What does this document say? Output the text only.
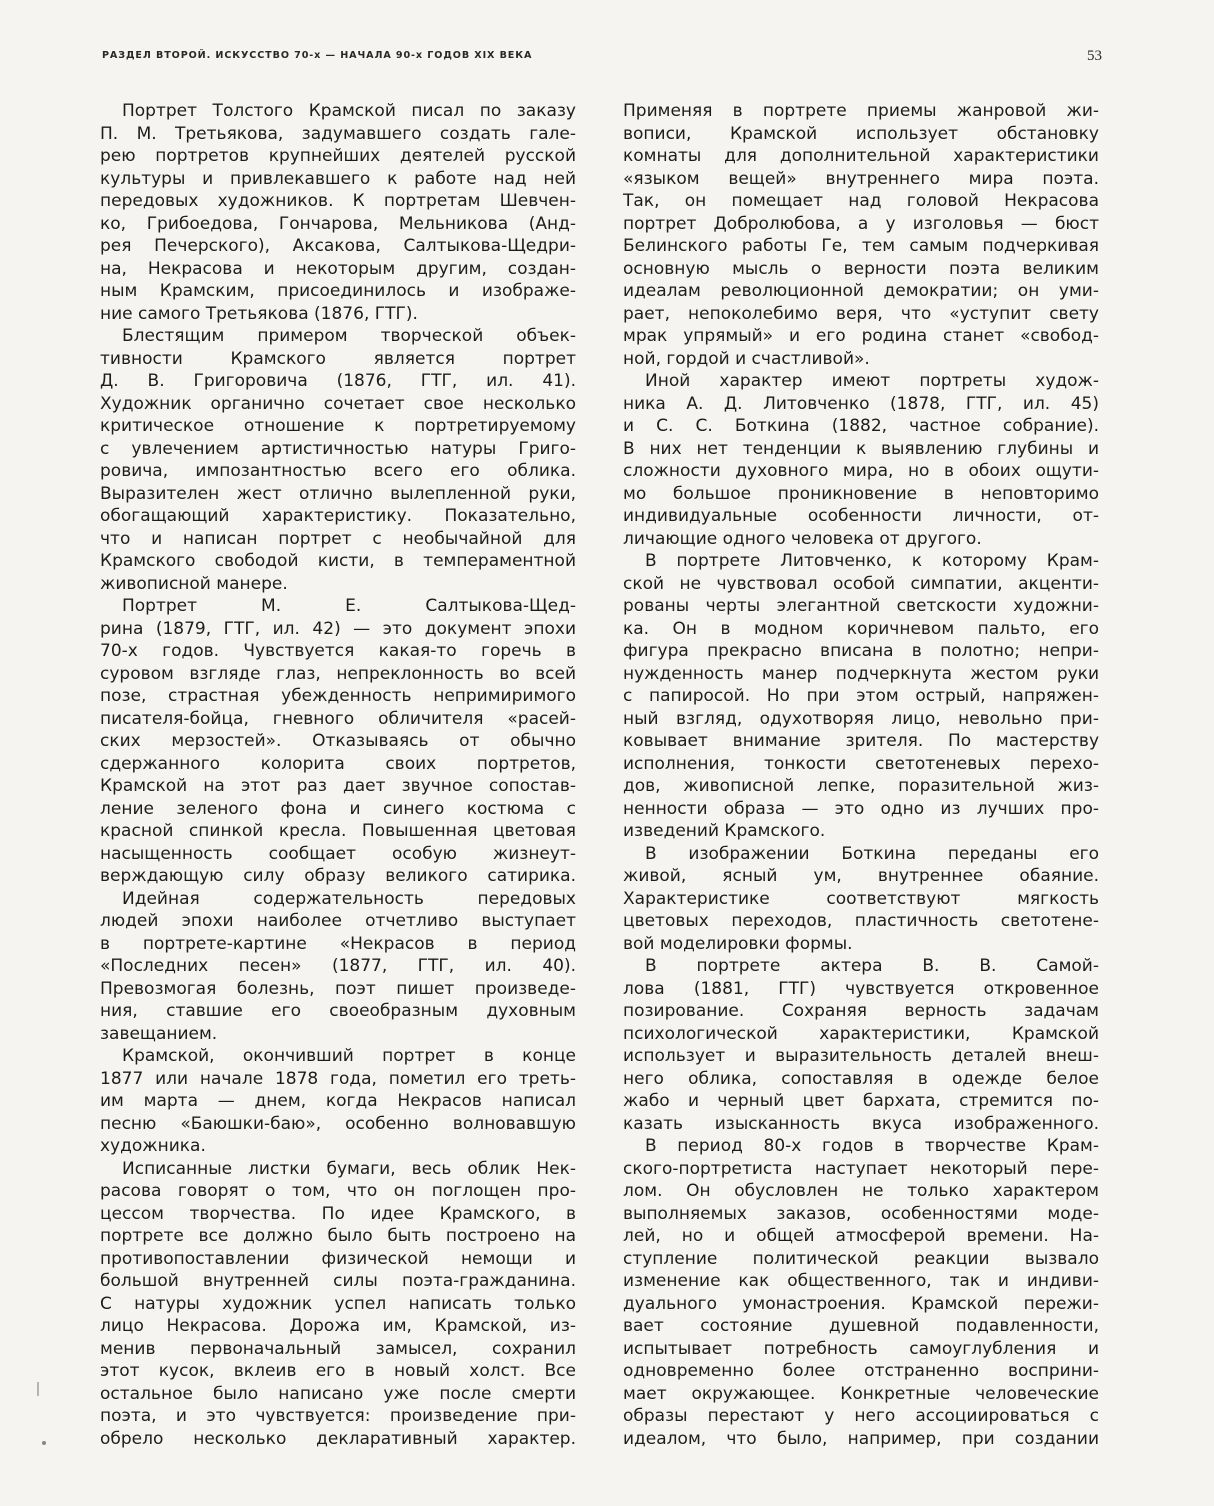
РАЗДЕЛ ВТОРОЙ. ИСКУССТВО 70-х — НАЧАЛА 90-х ГОДОВ XIX ВЕКА	53
Портрет Толстого Крамской писал по заказу
П. М. Третьякова, задумавшего создать гале-
рею портретов крупнейших деятелей русской
культуры и привлекавшего к работе над ней
передовых художников. К портретам Шевчен-
ко, Грибоедова, Гончарова, Мельникова (Анд-
рея Печерского), Аксакова, Салтыкова-Щедри-
на, Некрасова и некоторым другим, создан-
ным Крамским, присоединилось и изображе-
ние самого Третьякова (1876, ГТГ).
Блестящим примером творческой объек-
тивности Крамского является портрет
Д. В. Григоровича (1876, ГТГ, ил. 41).
Художник органично сочетает свое несколько
критическое отношение к портретируемому
с увлечением артистичностью натуры Григо-
ровича, импозантностью всего его облика.
Выразителен жест отлично вылепленной руки,
обогащающий характеристику. Показательно,
что и написан портрет с необычайной для
Крамского свободой кисти, в темпераментной
живописной манере.
Портрет М. Е. Салтыкова-Щед-
рина (1879, ГТГ, ил. 42) — это документ эпохи
70-х годов. Чувствуется какая-то горечь в
суровом взгляде глаз, непреклонность во всей
позе, страстная убежденность непримиримого
писателя-бойца, гневного обличителя «расей-
ских мерзостей». Отказываясь от обычно
сдержанного колорита своих портретов,
Крамской на этот раз дает звучное сопостав-
ление зеленого фона и синего костюма с
красной спинкой кресла. Повышенная цветовая
насыщенность сообщает особую жизнеут-
верждающую силу образу великого сатирика.
Идейная содержательность передовых
людей эпохи наиболее отчетливо выступает
в портрете-картине «Некрасов в период
«Последних песен» (1877, ГТГ, ил. 40).
Превозмогая болезнь, поэт пишет произведе-
ния, ставшие его своеобразным духовным
завещанием.
Крамской, окончивший портрет в конце
1877 или начале 1878 года, пометил его треть-
им марта — днем, когда Некрасов написал
песню «Баюшки-баю», особенно волновавшую
художника.
Исписанные листки бумаги, весь облик Нек-
расова говорят о том, что он поглощен про-
цессом творчества. По идее Крамского, в
портрете все должно было быть построено на
противопоставлении физической немощи и
большой внутренней силы поэта-гражданина.
С натуры художник успел написать только
лицо Некрасова. Дорожа им, Крамской, из-
менив первоначальный замысел, сохранил
этот кусок, вклеив его в новый холст. Все
остальное было написано уже после смерти
поэта, и это чувствуется: произведение при-
обрело несколько декларативный характер.
Применяя в портрете приемы жанровой жи-
вописи, Крамской использует обстановку
комнаты для дополнительной характеристики
«языком вещей» внутреннего мира поэта.
Так, он помещает над головой Некрасова
портрет Добролюбова, а у изголовья — бюст
Белинского работы Ге, тем самым подчеркивая
основную мысль о верности поэта великим
идеалам революционной демократии; он уми-
рает, непоколебимо веря, что «уступит свету
мрак упрямый» и его родина станет «свобод-
ной, гордой и счастливой».
Иной характер имеют портреты худож-
ника А. Д. Литовченко (1878, ГТГ, ил. 45)
и С. С. Боткина (1882, частное собрание).
В них нет тенденции к выявлению глубины и
сложности духовного мира, но в обоих ощути-
мо большое проникновение в неповторимо
индивидуальные особенности личности, от-
личающие одного человека от другого.
В портрете Литовченко, к которому Крам-
ской не чувствовал особой симпатии, акценти-
рованы черты элегантной светскости художни-
ка. Он в модном коричневом пальто, его
фигура прекрасно вписана в полотно; непри-
нужденность манер подчеркнута жестом руки
с папиросой. Но при этом острый, напряжен-
ный взгляд, одухотворяя лицо, невольно при-
ковывает внимание зрителя. По мастерству
исполнения, тонкости светотеневых перехо-
дов, живописной лепке, поразительной жиз-
ненности образа — это одно из лучших про-
изведений Крамского.
В изображении Боткина переданы его
живой, ясный ум, внутреннее обаяние.
Характеристике соответствуют мягкость
цветовых переходов, пластичность светотене-
вой моделировки формы.
В портрете актера В. В. Самой-
лова (1881, ГТГ) чувствуется откровенное
позирование. Сохраняя верность задачам
психологической характеристики, Крамской
использует и выразительность деталей внеш-
него облика, сопоставляя в одежде белое
жабо и черный цвет бархата, стремится по-
казать изысканность вкуса изображенного.
В период 80-х годов в творчестве Крам-
ского-портретиста наступает некоторый пере-
лом. Он обусловлен не только характером
выполняемых заказов, особенностями моде-
лей, но и общей атмосферой времени. На-
ступление политической реакции вызвало
изменение как общественного, так и индиви-
дуального умонастроения. Крамской пережи-
вает состояние душевной подавленности,
испытывает потребность самоуглубления и
одновременно более отстраненно восприни-
мает окружающее. Конкретные человеческие
образы перестают у него ассоциироваться с
идеалом, что было, например, при создании
